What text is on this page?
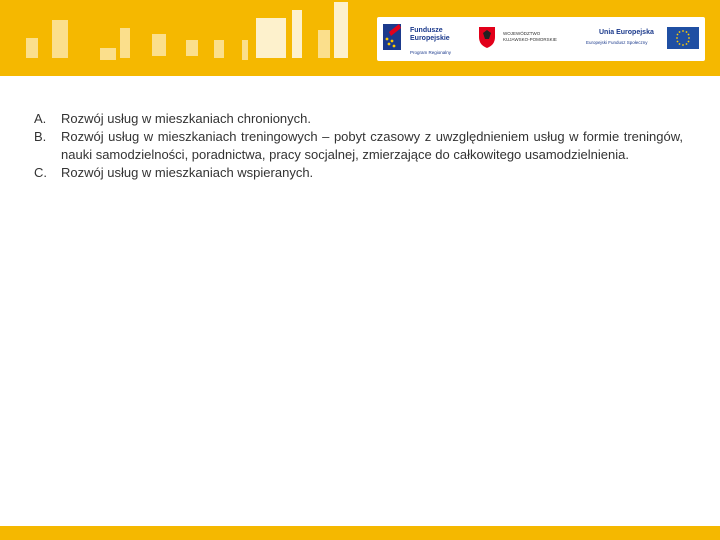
Fundusze
Europejskie
Program Regionalny
WOJEWÓDZTWO
KUJAWSKO-POMORSKIE
Unia Europejska
Europejski Fundusz Społeczny
A.	Rozwój usług w mieszkaniach chronionych.
B.	Rozwój usług w mieszkaniach treningowych – pobyt czasowy z uwzględnieniem usług w formie treningów, nauki samodzielności, poradnictwa, pracy socjalnej, zmierzające do całkowitego usamodzielnienia.
C.	Rozwój usług w mieszkaniach wspieranych.
